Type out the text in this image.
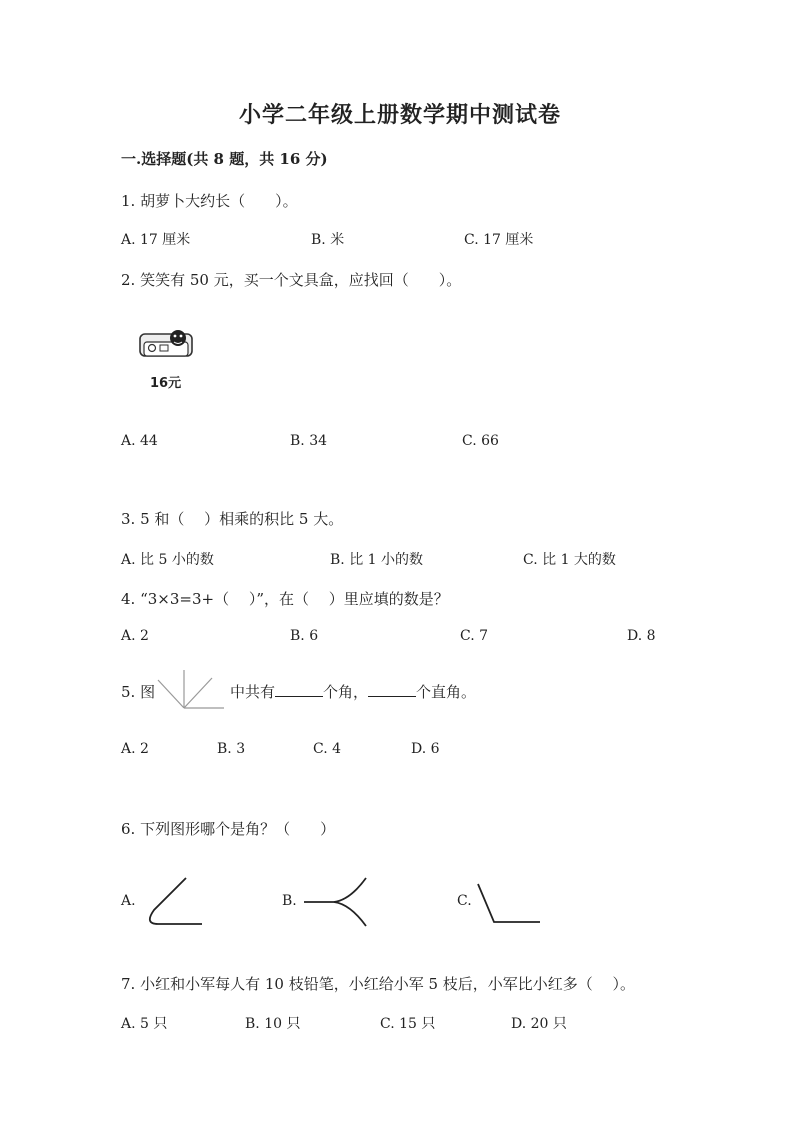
小学二年级上册数学期中测试卷
一.选择题(共 8 题，共 16 分)
1. 胡萝卜大约长（　　）。
A. 17 厘米	B. 米	C. 17 厘米
2. 笑笑有 50 元，买一个文具盒，应找回（　　）。
16元
A. 44	B. 34	C. 66
3. 5 和（　 ）相乘的积比 5 大。
A. 比 5 小的数	B. 比 1 小的数	C. 比 1 大的数
4. “3×3=3+（　 ）”，在（　 ）里应填的数是？
A. 2	B. 6	C. 7	D. 8
5. 图	中共有	个角，	个直角。
A. 2	B. 3	C. 4	D. 6
6. 下列图形哪个是角？（　　）
A.	B.	C.
7. 小红和小军每人有 10 枝铅笔，小红给小军 5 枝后，小军比小红多（　 ）。
A. 5 只	B. 10 只	C. 15 只	D. 20 只
